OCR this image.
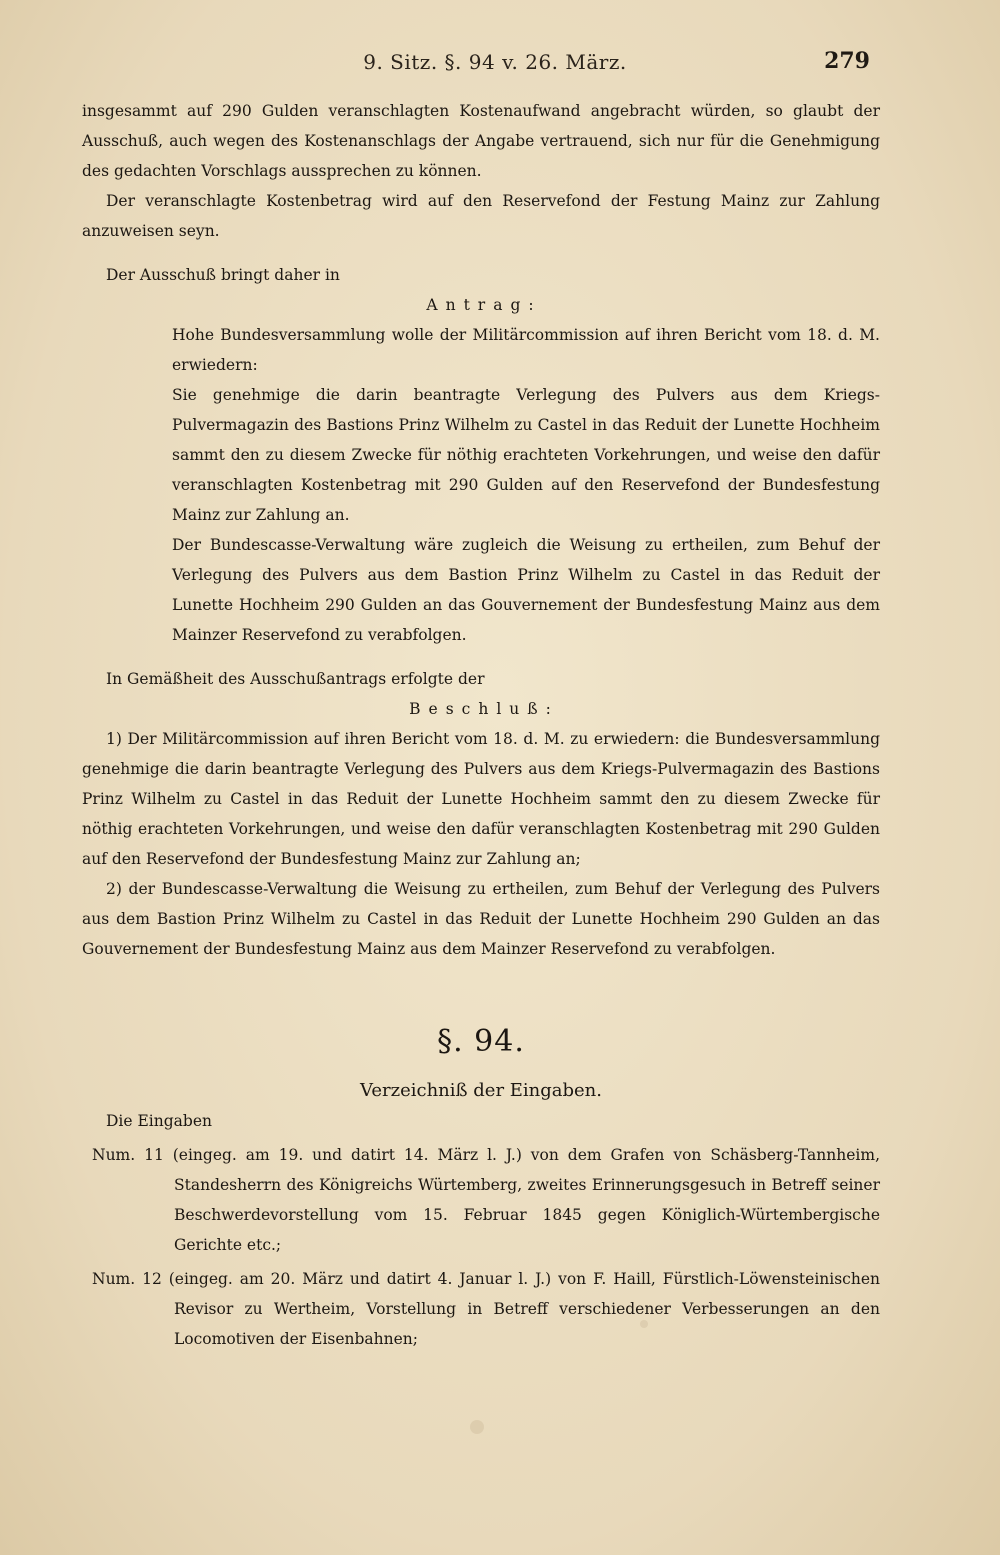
9. Sitz. §. 94 v. 26. März.	279

insgesammt auf 290 Gulden veranschlagten Kostenaufwand angebracht würden, so glaubt der Ausschuß, auch wegen des Kostenanschlags der Angabe vertrauend, sich nur für die Genehmigung des gedachten Vorschlags aussprechen zu können.

Der veranschlagte Kostenbetrag wird auf den Reservefond der Festung Mainz zur Zahlung anzuweisen seyn.

Der Ausschuß bringt daher in

Antrag:

Hohe Bundesversammlung wolle der Militärcommission auf ihren Bericht vom 18. d. M. erwiedern:

Sie genehmige die darin beantragte Verlegung des Pulvers aus dem Kriegs-Pulvermagazin des Bastions Prinz Wilhelm zu Castel in das Reduit der Lunette Hochheim sammt den zu diesem Zwecke für nöthig erachteten Vorkehrungen, und weise den dafür veranschlagten Kostenbetrag mit 290 Gulden auf den Reservefond der Bundesfestung Mainz zur Zahlung an.

Der Bundescasse-Verwaltung wäre zugleich die Weisung zu ertheilen, zum Behuf der Verlegung des Pulvers aus dem Bastion Prinz Wilhelm zu Castel in das Reduit der Lunette Hochheim 290 Gulden an das Gouvernement der Bundesfestung Mainz aus dem Mainzer Reservefond zu verabfolgen.

In Gemäßheit des Ausschußantrags erfolgte der

Beschluß:

1) Der Militärcommission auf ihren Bericht vom 18. d. M. zu erwiedern: die Bundesversammlung genehmige die darin beantragte Verlegung des Pulvers aus dem Kriegs-Pulvermagazin des Bastions Prinz Wilhelm zu Castel in das Reduit der Lunette Hochheim sammt den zu diesem Zwecke für nöthig erachteten Vorkehrungen, und weise den dafür veranschlagten Kostenbetrag mit 290 Gulden auf den Reservefond der Bundesfestung Mainz zur Zahlung an;

2) der Bundescasse-Verwaltung die Weisung zu ertheilen, zum Behuf der Verlegung des Pulvers aus dem Bastion Prinz Wilhelm zu Castel in das Reduit der Lunette Hochheim 290 Gulden an das Gouvernement der Bundesfestung Mainz aus dem Mainzer Reservefond zu verabfolgen.

§. 94.
Verzeichniß der Eingaben.

Die Eingaben

Num. 11 (eingeg. am 19. und datirt 14. März l. J.) von dem Grafen von Schäsberg-Tannheim, Standesherrn des Königreichs Würtemberg, zweites Erinnerungsgesuch in Betreff seiner Beschwerdevorstellung vom 15. Februar 1845 gegen Königlich-Würtembergische Gerichte etc.;

Num. 12 (eingeg. am 20. März und datirt 4. Januar l. J.) von F. Haill, Fürstlich-Löwensteinischen Revisor zu Wertheim, Vorstellung in Betreff verschiedener Verbesserungen an den Locomotiven der Eisenbahnen;
